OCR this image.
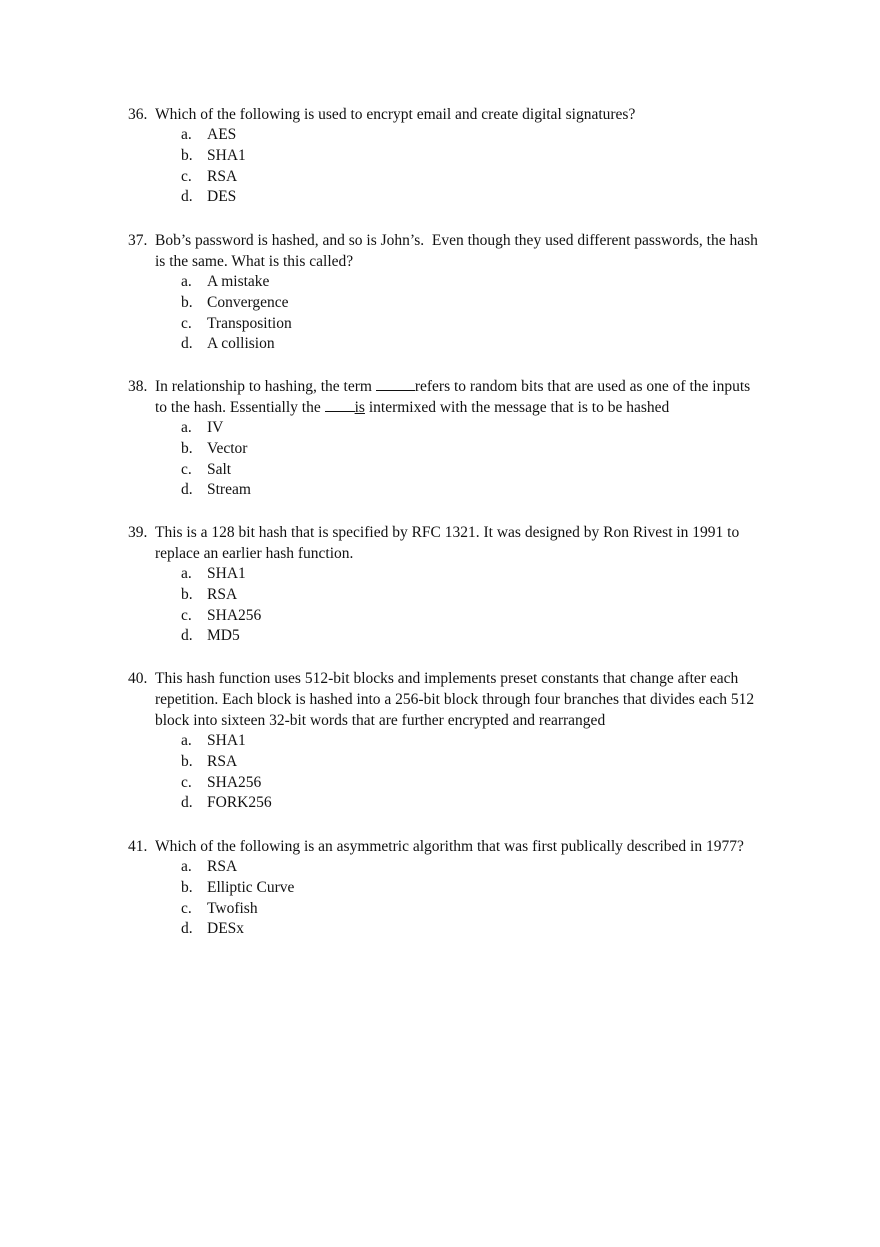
36. Which of the following is used to encrypt email and create digital signatures?
a. AES
b. SHA1
c. RSA
d. DES
37. Bob’s password is hashed, and so is John’s.  Even though they used different passwords, the hash
is the same. What is this called?
a. A mistake
b. Convergence
c. Transposition
d. A collision
38. In relationship to hashing, the term	refers to random bits that are used as one of the inputs
to the hash. Essentially the is intermixed with the message that is to be hashed
a. IV
b. Vector
c. Salt
d. Stream
39. This is a 128 bit hash that is specified by RFC 1321. It was designed by Ron Rivest in 1991 to
replace an earlier hash function.
a. SHA1
b. RSA
c. SHA256
d. MD5
40. This hash function uses 512-bit blocks and implements preset constants that change after each
repetition. Each block is hashed into a 256-bit block through four branches that divides each 512
block into sixteen 32-bit words that are further encrypted and rearranged
a. SHA1
b. RSA
c. SHA256
d. FORK256
41. Which of the following is an asymmetric algorithm that was first publically described in 1977?
a. RSA
b. Elliptic Curve
c. Twofish
d. DESx
